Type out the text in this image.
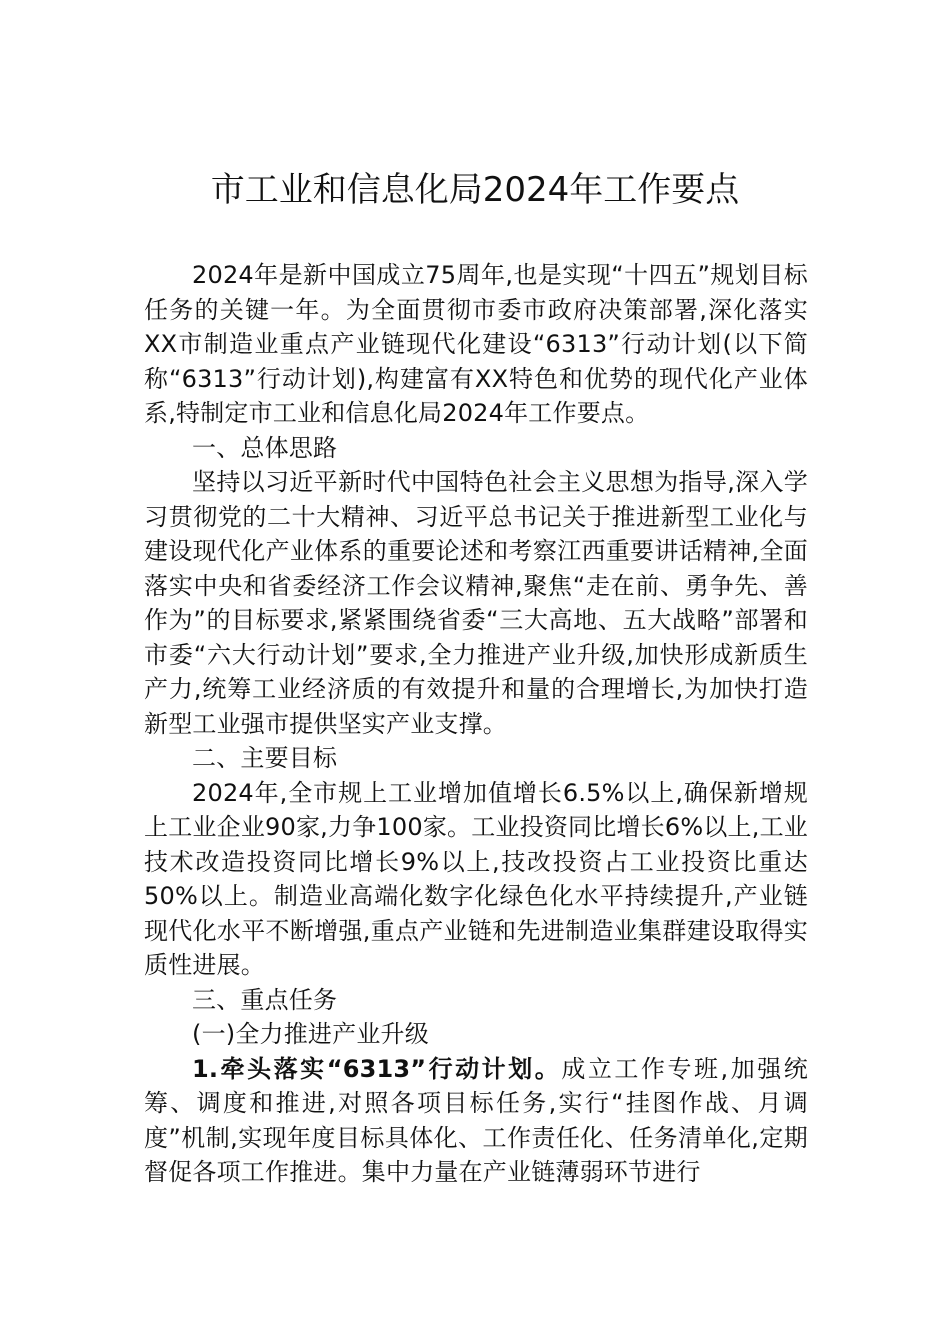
市工业和信息化局2024年工作要点

2024年是新中国成立75周年,也是实现“十四五”规划目标任务的关键一年。为全面贯彻市委市政府决策部署,深化落实XX市制造业重点产业链现代化建设“6313”行动计划(以下简称“6313”行动计划),构建富有XX特色和优势的现代化产业体系,特制定市工业和信息化局2024年工作要点。

一、总体思路

坚持以习近平新时代中国特色社会主义思想为指导,深入学习贯彻党的二十大精神、习近平总书记关于推进新型工业化与建设现代化产业体系的重要论述和考察江西重要讲话精神,全面落实中央和省委经济工作会议精神,聚焦“走在前、勇争先、善作为”的目标要求,紧紧围绕省委“三大高地、五大战略”部署和市委“六大行动计划”要求,全力推进产业升级,加快形成新质生产力,统筹工业经济质的有效提升和量的合理增长,为加快打造新型工业强市提供坚实产业支撑。

二、主要目标

2024年,全市规上工业增加值增长6.5%以上,确保新增规上工业企业90家,力争100家。工业投资同比增长6%以上,工业技术改造投资同比增长9%以上,技改投资占工业投资比重达50%以上。制造业高端化数字化绿色化水平持续提升,产业链现代化水平不断增强,重点产业链和先进制造业集群建设取得实质性进展。

三、重点任务

(一)全力推进产业升级

1.牵头落实“6313”行动计划。成立工作专班,加强统筹、调度和推进,对照各项目标任务,实行“挂图作战、月调度”机制,实现年度目标具体化、工作责任化、任务清单化,定期督促各项工作推进。集中力量在产业链薄弱环节进行
